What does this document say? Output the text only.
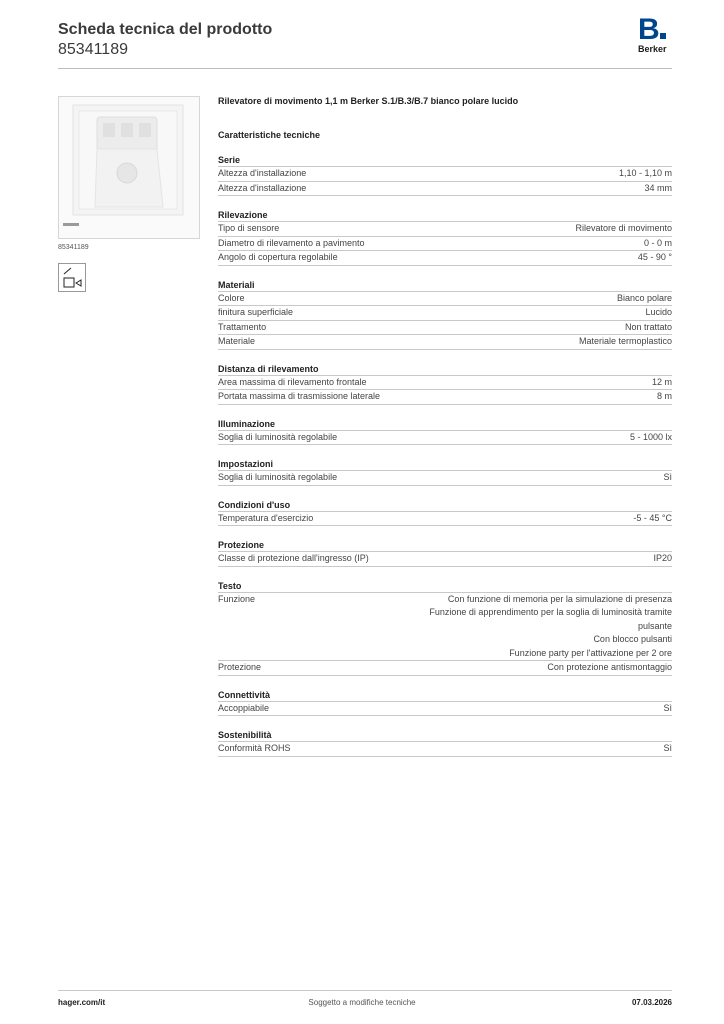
Scheda tecnica del prodotto
85341189
B
Berker
85341189
Rilevatore di movimento 1,1 m Berker S.1/B.3/B.7 bianco polare lucido
Caratteristiche tecniche
Serie
Altezza d'installazione	1,10 - 1,10 m
Altezza d'installazione	34 mm
Rilevazione
Tipo di sensore	Rilevatore di movimento
Diametro di rilevamento a pavimento	0 - 0 m
Angolo di copertura regolabile	45 - 90 °
Materiali
Colore	Bianco polare
finitura superficiale	Lucido
Trattamento	Non trattato
Materiale	Materiale termoplastico
Distanza di rilevamento
Area massima di rilevamento frontale	12 m
Portata massima di trasmissione laterale	8 m
Illuminazione
Soglia di luminosità regolabile	5 - 1000 lx
Impostazioni
Soglia di luminosità regolabile	Sì
Condizioni d'uso
Temperatura d'esercizio	-5 - 45 °C
Protezione
Classe di protezione dall'ingresso (IP)	IP20
Testo
Funzione	Con funzione di memoria per la simulazione di presenza
Funzione di apprendimento per la soglia di luminosità tramite
pulsante
Con blocco pulsanti
Funzione party per l'attivazione per 2 ore
Protezione	Con protezione antismontaggio
Connettività
Accoppiabile	Sì
Sostenibilità
Conformità ROHS	Sì
hager.com/it	Soggetto a modifiche tecniche	07.03.2026
